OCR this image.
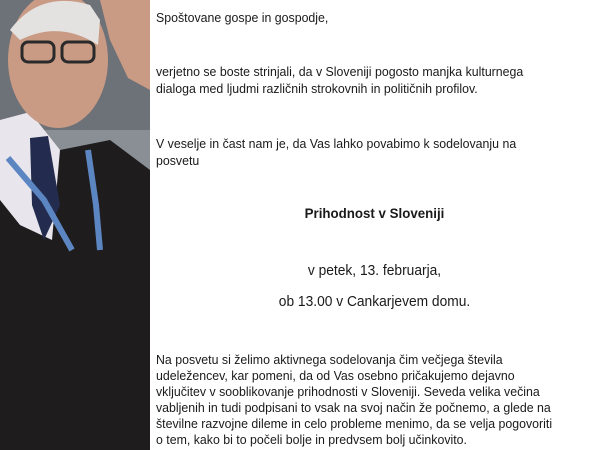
Spoštovane gospe in gospodje,

verjetno se boste strinjali, da v Sloveniji pogosto manjka kulturnega

dialoga med ljudmi različnih strokovnih in političnih profilov.

V veselje in čast nam je, da Vas lahko povabimo k sodelovanju na

posvetu

Prihodnost v Sloveniji

v petek, 13. februarja,

ob 13.00 v Cankarjevem domu.

Na posvetu si želimo aktivnega sodelovanja čim večjega števila

udeležencev, kar pomeni, da od Vas osebno pričakujemo dejavno

vključitev v sooblikovanje prihodnosti v Sloveniji. Seveda velika večina

vabljenih in tudi podpisani to vsak na svoj način že počnemo, a glede na

številne razvojne dileme in celo probleme menimo, da se velja pogovoriti

o tem, kako bi to počeli bolje in predvsem bolj učinkovito.
